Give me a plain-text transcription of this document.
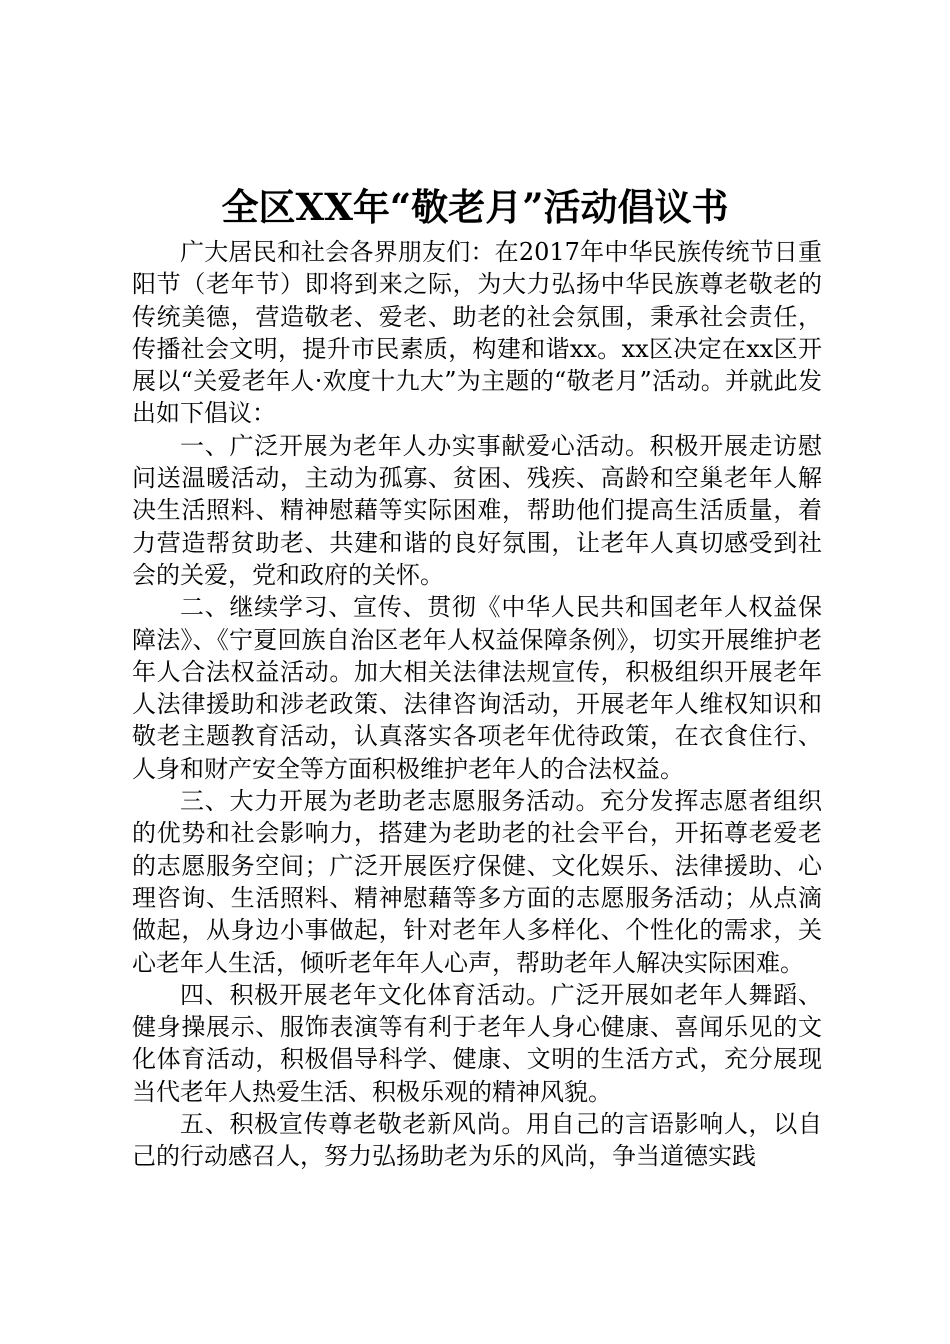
全区XX年“敬老月”活动倡议书

广大居民和社会各界朋友们：在2017年中华民族传统节日重阳节（老年节）即将到来之际，为大力弘扬中华民族尊老敬老的传统美德，营造敬老、爱老、助老的社会氛围，秉承社会责任，传播社会文明，提升市民素质，构建和谐xx。xx区决定在xx区开展以“关爱老年人·欢度十九大”为主题的“敬老月”活动。并就此发出如下倡议：

一、广泛开展为老年人办实事献爱心活动。积极开展走访慰问送温暖活动，主动为孤寡、贫困、残疾、高龄和空巢老年人解决生活照料、精神慰藉等实际困难，帮助他们提高生活质量，着力营造帮贫助老、共建和谐的良好氛围，让老年人真切感受到社会的关爱，党和政府的关怀。

二、继续学习、宣传、贯彻《中华人民共和国老年人权益保障法》、《宁夏回族自治区老年人权益保障条例》，切实开展维护老年人合法权益活动。加大相关法律法规宣传，积极组织开展老年人法律援助和涉老政策、法律咨询活动，开展老年人维权知识和敬老主题教育活动，认真落实各项老年优待政策，在衣食住行、人身和财产安全等方面积极维护老年人的合法权益。

三、大力开展为老助老志愿服务活动。充分发挥志愿者组织的优势和社会影响力，搭建为老助老的社会平台，开拓尊老爱老的志愿服务空间；广泛开展医疗保健、文化娱乐、法律援助、心理咨询、生活照料、精神慰藉等多方面的志愿服务活动；从点滴做起，从身边小事做起，针对老年人多样化、个性化的需求，关心老年人生活，倾听老年年人心声，帮助老年人解决实际困难。

四、积极开展老年文化体育活动。广泛开展如老年人舞蹈、健身操展示、服饰表演等有利于老年人身心健康、喜闻乐见的文化体育活动，积极倡导科学、健康、文明的生活方式，充分展现当代老年人热爱生活、积极乐观的精神风貌。

五、积极宣传尊老敬老新风尚。用自己的言语影响人，以自己的行动感召人，努力弘扬助老为乐的风尚，争当道德实践
